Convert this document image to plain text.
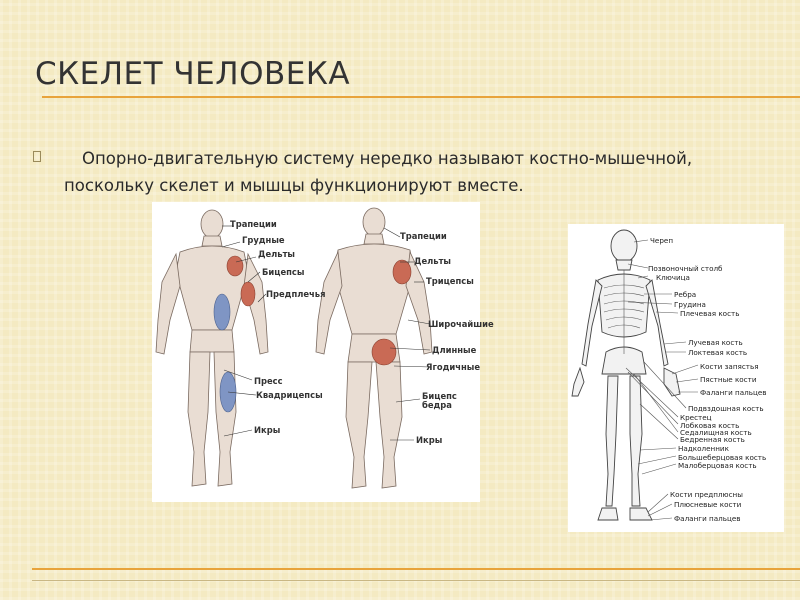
СКЕЛЕТ ЧЕЛОВЕКА
Опорно-двигательную систему нередко называют костно-мышечной, поскольку скелет и мышцы функционируют вместе.
Трапеции
Грудные
Дельты
Бицепсы
Предплечья
Пресс
Квадрицепсы
Икры
Трапеции
Дельты
Трицепсы
Широчайшие
Длинные
Ягодичные
Бицепс бедра
Икры
Череп
Позвоночный столб
Ключица
Ребра
Грудина
Плечевая кость
Лучевая кость
Локтевая кость
Кости запястья
Пястные кости
Фаланги пальцев
Подвздошная кость
Крестец
Лобковая кость
Седалищная кость
Бедренная кость
Надколенник
Большеберцовая кость
Малоберцовая кость
Кости предплюсны
Плюсневые кости
Фаланги пальцев
